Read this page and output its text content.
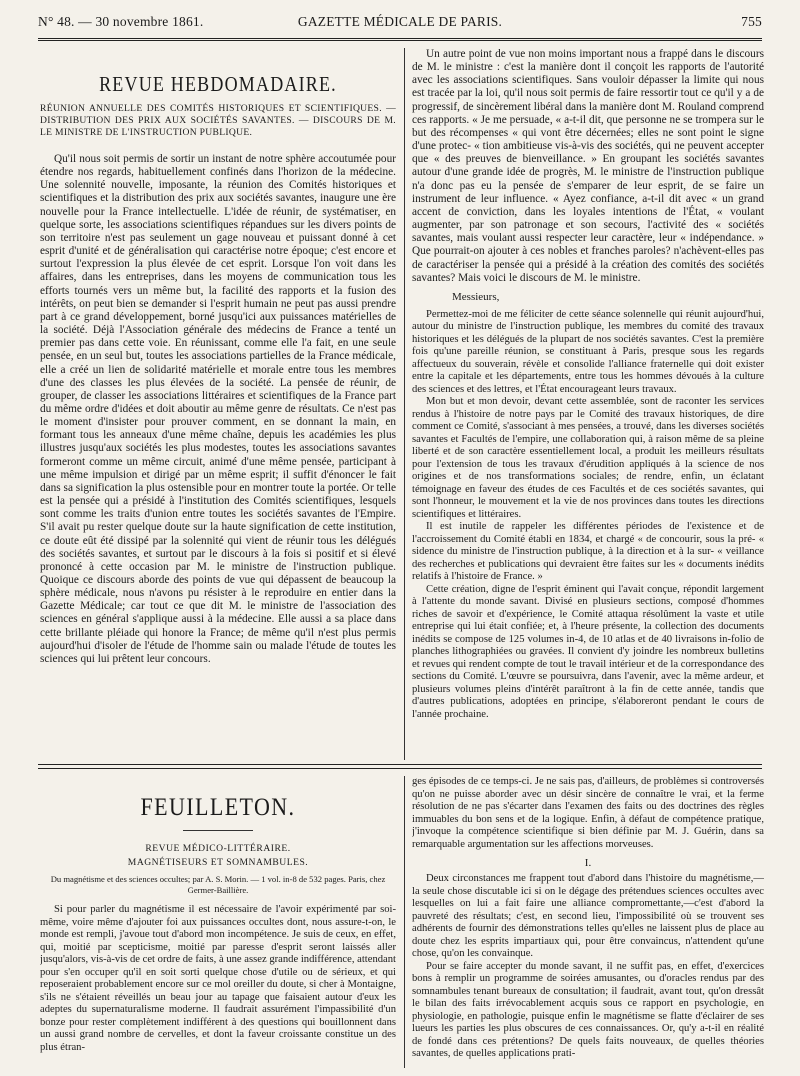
N° 48. — 30 novembre 1861.	GAZETTE MÉDICALE DE PARIS.	755
REVUE HEBDOMADAIRE.
RÉUNION ANNUELLE DES COMITÉS HISTORIQUES ET SCIENTIFIQUES. — DISTRIBUTION DES PRIX AUX SOCIÉTÉS SAVANTES. — DISCOURS DE M. LE MINISTRE DE L'INSTRUCTION PUBLIQUE.

Qu'il nous soit permis de sortir un instant de notre sphère accoutumée pour étendre nos regards, habituellement confinés dans l'horizon de la médecine. Une solennité nouvelle, imposante, la réunion des Comités historiques et scientifiques et la distribution des prix aux sociétés savantes, inaugure une ère nouvelle pour la France intellectuelle. L'idée de réunir, de systématiser, en quelque sorte, les associations scientifiques répandues sur les divers points de son territoire n'est pas seulement un gage nouveau et puissant donné à cet esprit d'unité et de généralisation qui caractérise notre époque; c'est encore et surtout l'expression la plus élevée de cet esprit. Lorsque l'on voit dans les affaires, dans les entreprises, dans les moyens de communication tous les efforts tournés vers un même but, la facilité des rapports et la fusion des intérêts, on peut bien se demander si l'esprit humain ne peut pas aussi prendre part à ce grand développement, borné jusqu'ici aux puissances matérielles de la société. Déjà l'Association générale des médecins de France a tenté un premier pas dans cette voie. En réunissant, comme elle l'a fait, en une seule pensée, en un seul but, toutes les associations partielles de la France médicale, elle a créé un lien de solidarité matérielle et morale entre tous les membres d'une des classes les plus élevées de la société. La pensée de réunir, de grouper, de classer les associations littéraires et scientifiques de la France part du même ordre d'idées et doit aboutir au même genre de résultats. Ce n'est pas le moment d'insister pour prouver comment, en se donnant la main, en formant tous les anneaux d'une même chaîne, depuis les académies les plus illustres jusqu'aux sociétés les plus modestes, toutes les associations savantes formeront comme un même circuit, animé d'une même pensée, participant à une même impulsion et dirigé par un même esprit; il suffit d'énoncer le fait dans sa signification la plus ostensible pour en montrer toute la portée. Or telle est la pensée qui a présidé à l'institution des Comités scientifiques, lesquels sont comme les traits d'union entre toutes les sociétés savantes de l'Empire. S'il avait pu rester quelque doute sur la haute signification de cette institution, ce doute eût été dissipé par la solennité qui vient de réunir tous les délégués des sociétés savantes, et surtout par le discours à la fois si positif et si élevé prononcé à cette occasion par M. le ministre de l'instruction publique. Quoique ce discours aborde des points de vue qui dépassent de beaucoup la sphère médicale, nous n'avons pu résister à le reproduire en entier dans la Gazette Médicale; car tout ce que dit M. le ministre de l'association des sciences en général s'applique aussi à la médecine. Elle aussi a sa place dans cette brillante pléiade qui honore la France; de même qu'il n'est plus permis aujourd'hui d'isoler de l'étude de l'homme sain ou malade l'étude de toutes les sciences qui lui prêtent leur concours.

Un autre point de vue non moins important nous a frappé dans le discours de M. le ministre : c'est la manière dont il conçoit les rapports de l'autorité avec les associations scientifiques. Sans vouloir dépasser la limite qui nous est tracée par la loi, qu'il nous soit permis de faire ressortir tout ce qu'il y a de progressif, de sincèrement libéral dans la manière dont M. Rouland comprend ces rapports. « Je me persuade, « a-t-il dit, que personne ne se trompera sur le but des récompenses « qui vont être décernées; elles ne sont point le signe d'une protec- « tion ambitieuse vis-à-vis des sociétés, qui ne peuvent accepter que « des preuves de bienveillance. » En groupant les sociétés savantes autour d'une grande idée de progrès, M. le ministre de l'instruction publique n'a donc pas eu la pensée de s'emparer de leur esprit, de se faire un instrument de leur influence. « Ayez confiance, a-t-il dit avec « un grand accent de conviction, dans les loyales intentions de l'État, « voulant augmenter, par son patronage et son secours, l'activité des « sociétés savantes, mais voulant aussi respecter leur caractère, leur « indépendance. » Que pourrait-on ajouter à ces nobles et franches paroles? n'achèvent-elles pas de caractériser la pensée qui a présidé à la création des comités des sociétés savantes? Mais voici le discours de M. le ministre.

Messieurs,

Permettez-moi de me féliciter de cette séance solennelle qui réunit aujourd'hui, autour du ministre de l'instruction publique, les membres du comité des travaux historiques et les délégués de la plupart de nos sociétés savantes. C'est la première fois qu'une pareille réunion, se constituant à Paris, presque sous les regards affectueux du souverain, révèle et consolide l'alliance fraternelle qui doit exister entre la capitale et les départements, entre tous les hommes dévoués à la culture des sciences et des lettres, et l'État encourageant leurs travaux.

Mon but et mon devoir, devant cette assemblée, sont de raconter les services rendus à l'histoire de notre pays par le Comité des travaux historiques, de dire comment ce Comité, s'associant à mes pensées, a trouvé, dans les diverses sociétés savantes et Facultés de l'empire, une collaboration qui, à raison même de sa pleine liberté et de son caractère essentiellement local, a produit les meilleurs résultats pour l'extension de tous les travaux d'érudition appliqués à la science de nos origines et de nos transformations sociales; de rendre, enfin, un éclatant témoignage en faveur des études de ces Facultés et de ces sociétés savantes, qui sont l'honneur, le mouvement et la vie de nos provinces dans toutes les directions scientifiques et littéraires.

Il est inutile de rappeler les différentes périodes de l'existence et de l'accroissement du Comité établi en 1834, et chargé « de concourir, sous la pré- « sidence du ministre de l'instruction publique, à la direction et à la sur- « veillance des recherches et publications qui devraient être faites sur les « documents inédits relatifs à l'histoire de France. »

Cette création, digne de l'esprit éminent qui l'avait conçue, répondit largement à l'attente du monde savant. Divisé en plusieurs sections, composé d'hommes riches de savoir et d'expérience, le Comité attaqua résolûment la vaste et utile entreprise qui lui était confiée; et, à l'heure présente, la collection des documents inédits se compose de 125 volumes in-4, de 10 atlas et de 40 livraisons in-folio de planches lithographiées ou gravées. Il convient d'y joindre les nombreux bulletins et revues qui rendent compte de tout le travail intérieur et de la correspondance des sections du Comité. L'œuvre se poursuivra, dans l'avenir, avec la même ardeur, et plusieurs volumes pleins d'intérêt paraîtront à la fin de cette année, tandis que d'autres publications, adoptées en principe, s'élaboreront pendant le cours de l'année prochaine.

FEUILLETON.
REVUE MÉDICO-LITTÉRAIRE.
MAGNÉTISEURS ET SOMNAMBULES.
Du magnétisme et des sciences occultes; par A. S. Morin. — 1 vol. in-8 de 532 pages. Paris, chez Germer-Baillière.

Si pour parler du magnétisme il est nécessaire de l'avoir expérimenté par soi-même, voire même d'ajouter foi aux puissances occultes dont, nous assure-t-on, le monde est rempli, j'avoue tout d'abord mon incompétence. Je suis de ceux, en effet, qui, moitié par scepticisme, moitié par paresse d'esprit seront laissés aller jusqu'alors, vis-à-vis de cet ordre de faits, à une assez grande indifférence, attendant pour s'en occuper qu'il en soit sorti quelque chose d'utile ou de sérieux, et qui reposeraient probablement encore sur ce mol oreiller du doute, si cher à Montaigne, s'ils ne s'étaient réveillés un beau jour au tapage que faisaient autour d'eux les adeptes du supernaturalisme moderne. Il faudrait assurément l'impassibilité d'un bonze pour rester complètement indifférent à des questions qui bouillonnent dans un aussi grand nombre de cervelles, et dont la faveur croissante constitue un des plus étran-

ges épisodes de ce temps-ci. Je ne sais pas, d'ailleurs, de problèmes si controversés qu'on ne puisse aborder avec un désir sincère de connaître le vrai, et la ferme résolution de ne pas s'écarter dans l'examen des faits ou des doctrines des règles immuables du bon sens et de la logique. Enfin, à défaut de compétence pratique, j'invoque la compétence scientifique si bien définie par M. J. Guérin, dans sa remarquable argumentation sur les affections morveuses.

I.

Deux circonstances me frappent tout d'abord dans l'histoire du magnétisme,—la seule chose discutable ici si on le dégage des prétendues sciences occultes avec lesquelles on lui a fait faire une alliance compromettante,—c'est d'abord la pauvreté des résultats; c'est, en second lieu, l'impossibilité où se trouvent ses adhérents de fournir des démonstrations telles qu'elles ne laissent plus de place au doute chez les esprits impartiaux qui, pour être convaincus, n'attendent qu'une chose, qu'on les convainque.

Pour se faire accepter du monde savant, il ne suffit pas, en effet, d'exercices bons à remplir un programme de soirées amusantes, ou d'oracles rendus par des somnambules tenant bureaux de consultation; il faudrait, avant tout, qu'on dressât le bilan des faits irrévocablement acquis sous ce rapport en psychologie, en physiologie, en pathologie, puisque enfin le magnétisme se flatte d'éclairer de ses lueurs les parties les plus obscures de ces connaissances. Or, qu'y a-t-il en réalité de fondé dans ces prétentions? De quels faits nouveaux, de quelles théories savantes, de quelles applications prati-
